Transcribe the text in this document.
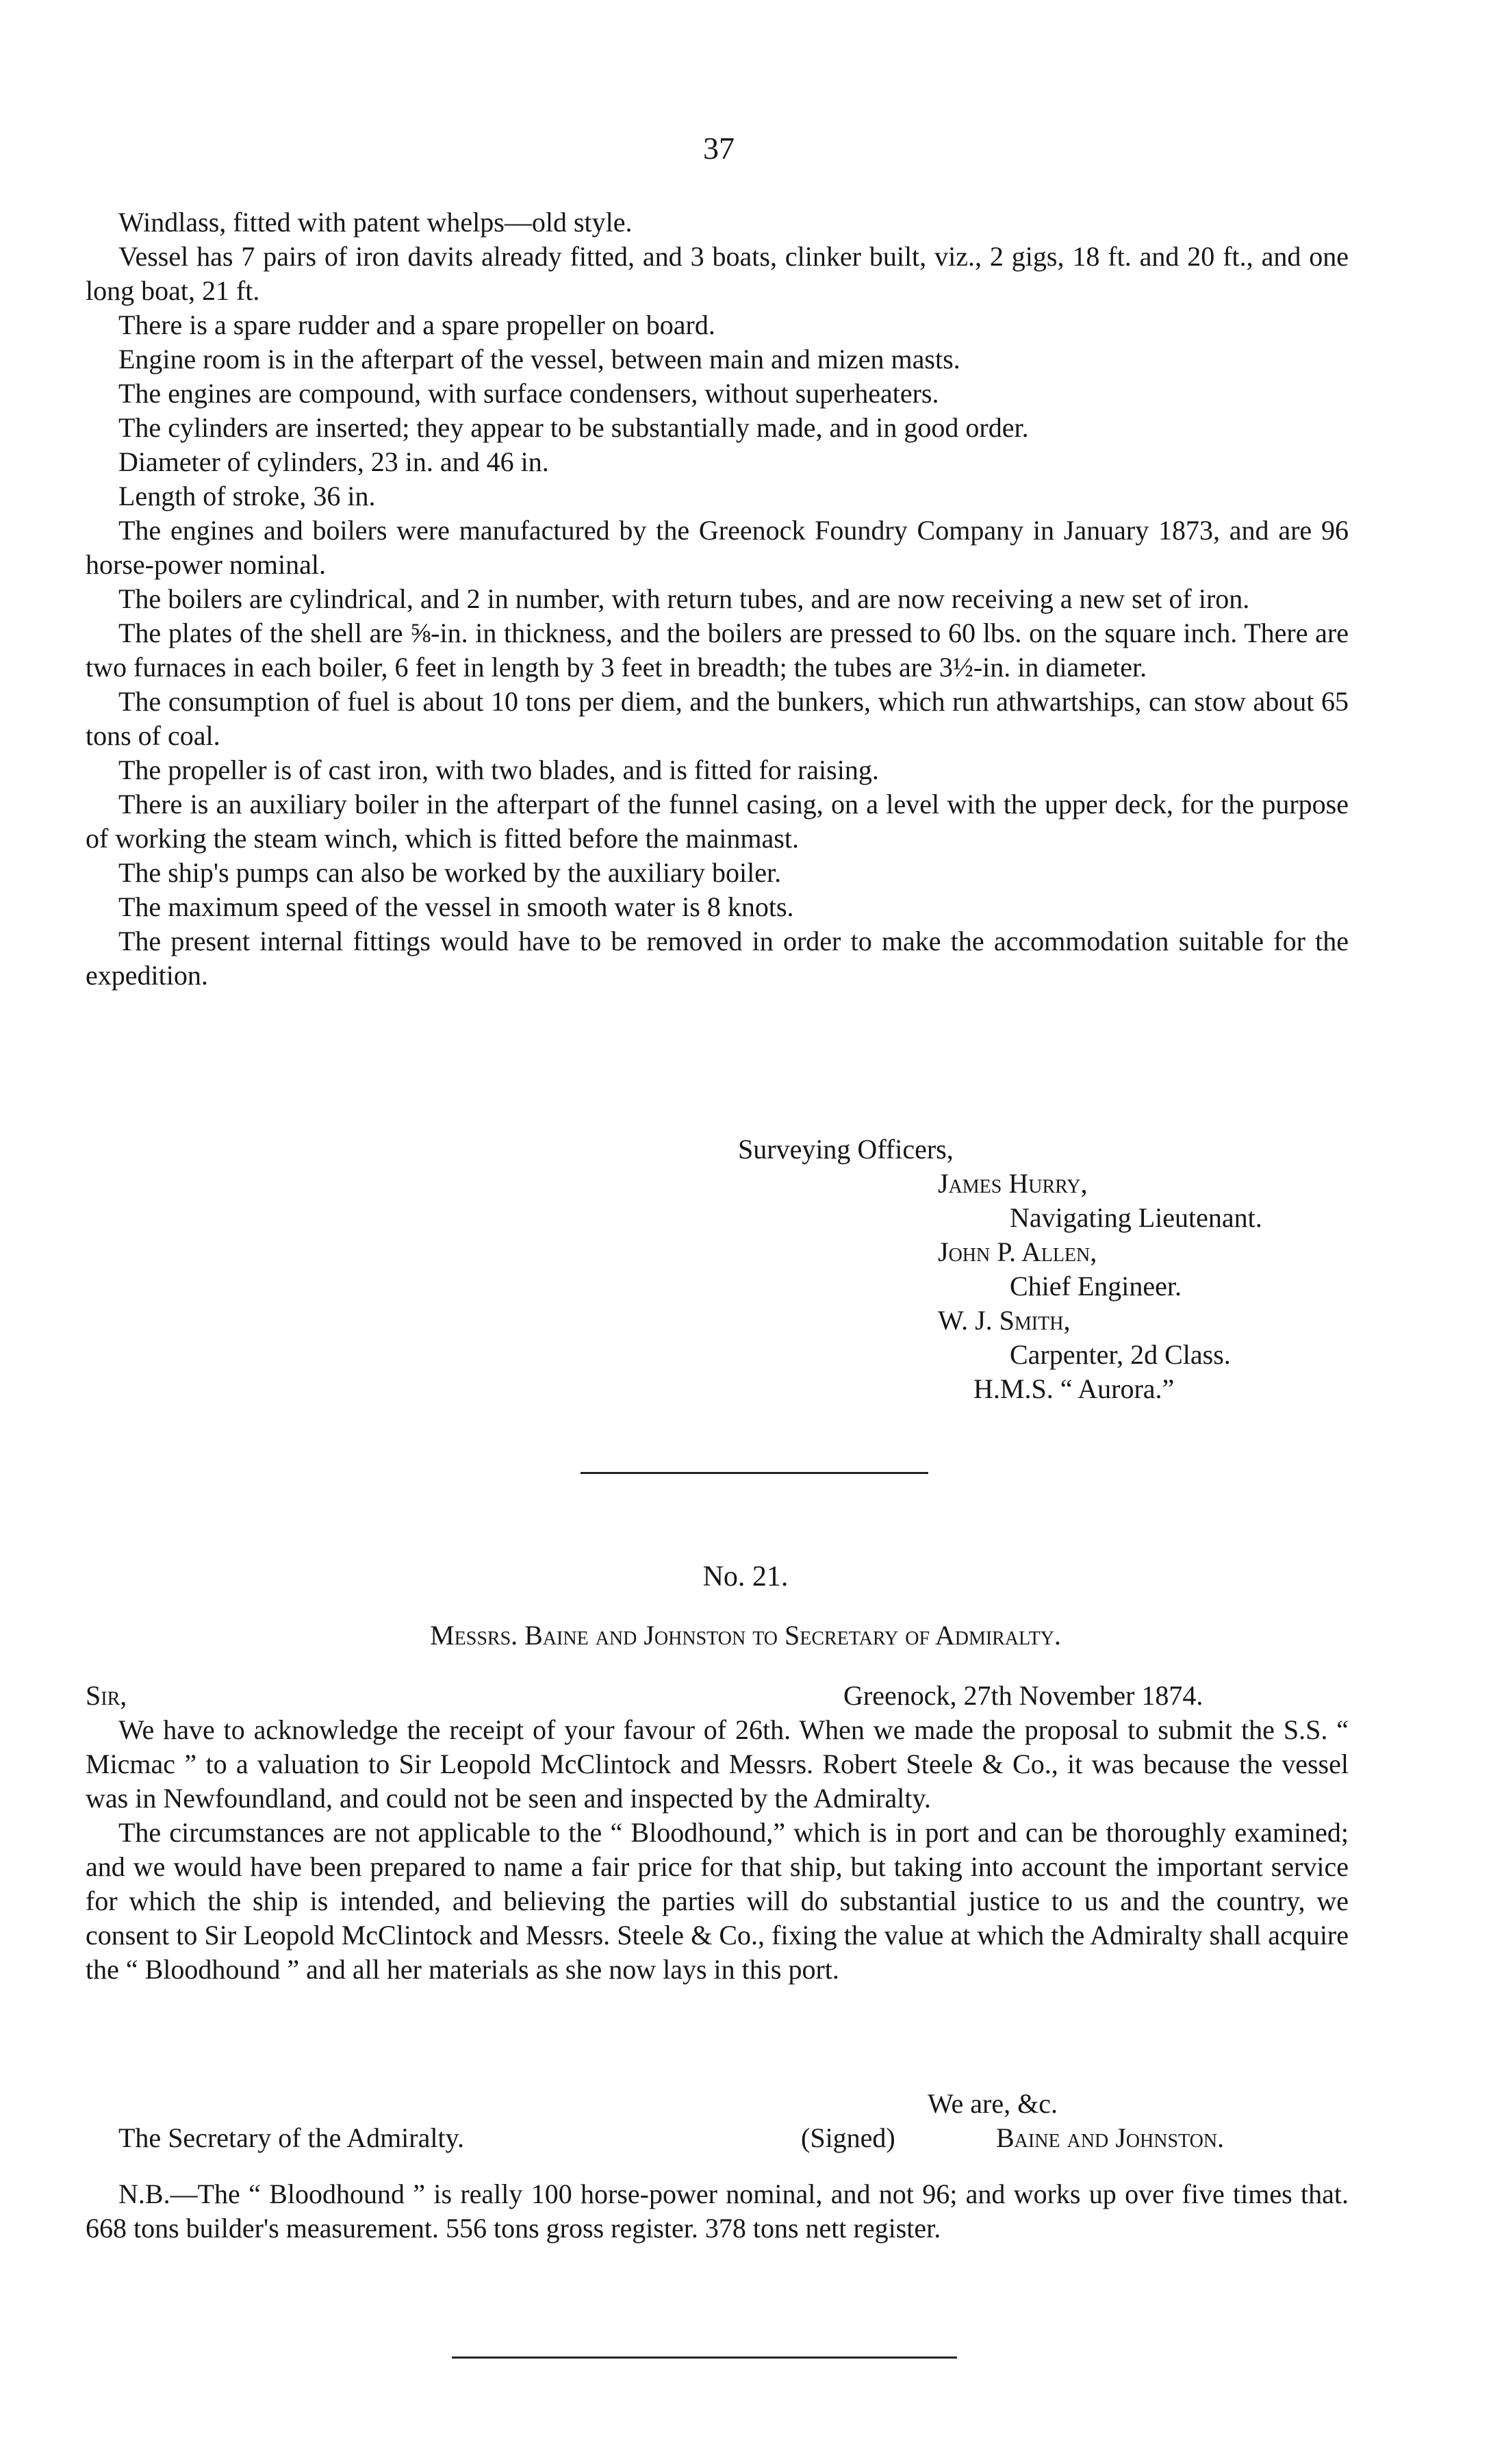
37

Windlass, fitted with patent whelps—old style.

Vessel has 7 pairs of iron davits already fitted, and 3 boats, clinker built, viz., 2 gigs, 18 ft. and 20 ft., and one long boat, 21 ft.

There is a spare rudder and a spare propeller on board.

Engine room is in the afterpart of the vessel, between main and mizen masts.

The engines are compound, with surface condensers, without superheaters.

The cylinders are inserted; they appear to be substantially made, and in good order.

Diameter of cylinders, 23 in. and 46 in.

Length of stroke, 36 in.

The engines and boilers were manufactured by the Greenock Foundry Company in January 1873, and are 96 horse-power nominal.

The boilers are cylindrical, and 2 in number, with return tubes, and are now receiving a new set of iron.

The plates of the shell are ⅝-in. in thickness, and the boilers are pressed to 60 lbs. on the square inch. There are two furnaces in each boiler, 6 feet in length by 3 feet in breadth; the tubes are 3½-in. in diameter.

The consumption of fuel is about 10 tons per diem, and the bunkers, which run athwartships, can stow about 65 tons of coal.

The propeller is of cast iron, with two blades, and is fitted for raising.

There is an auxiliary boiler in the afterpart of the funnel casing, on a level with the upper deck, for the purpose of working the steam winch, which is fitted before the mainmast.

The ship's pumps can also be worked by the auxiliary boiler.

The maximum speed of the vessel in smooth water is 8 knots.

The present internal fittings would have to be removed in order to make the accommodation suitable for the expedition.

Surveying Officers,
James Hurry,
Navigating Lieutenant.
John P. Allen,
Chief Engineer.
W. J. Smith,
Carpenter, 2d Class.
H.M.S. “ Aurora.”
No. 21.
Messrs. Baine and Johnston to Secretary of Admiralty.
Sir,	Greenock, 27th November 1874.

We have to acknowledge the receipt of your favour of 26th. When we made the proposal to submit the S.S. “ Micmac ” to a valuation to Sir Leopold McClintock and Messrs. Robert Steele & Co., it was because the vessel was in Newfoundland, and could not be seen and inspected by the Admiralty.

The circumstances are not applicable to the “ Bloodhound,” which is in port and can be thoroughly examined; and we would have been prepared to name a fair price for that ship, but taking into account the important service for which the ship is intended, and believing the parties will do substantial justice to us and the country, we consent to Sir Leopold McClintock and Messrs. Steele & Co., fixing the value at which the Admiralty shall acquire the “ Bloodhound ” and all her materials as she now lays in this port.

We are, &c.
The Secretary of the Admiralty.	(Signed)	Baine and Johnston.

N.B.—The “ Bloodhound ” is really 100 horse-power nominal, and not 96; and works up over five times that. 668 tons builder's measurement. 556 tons gross register. 378 tons nett register.
